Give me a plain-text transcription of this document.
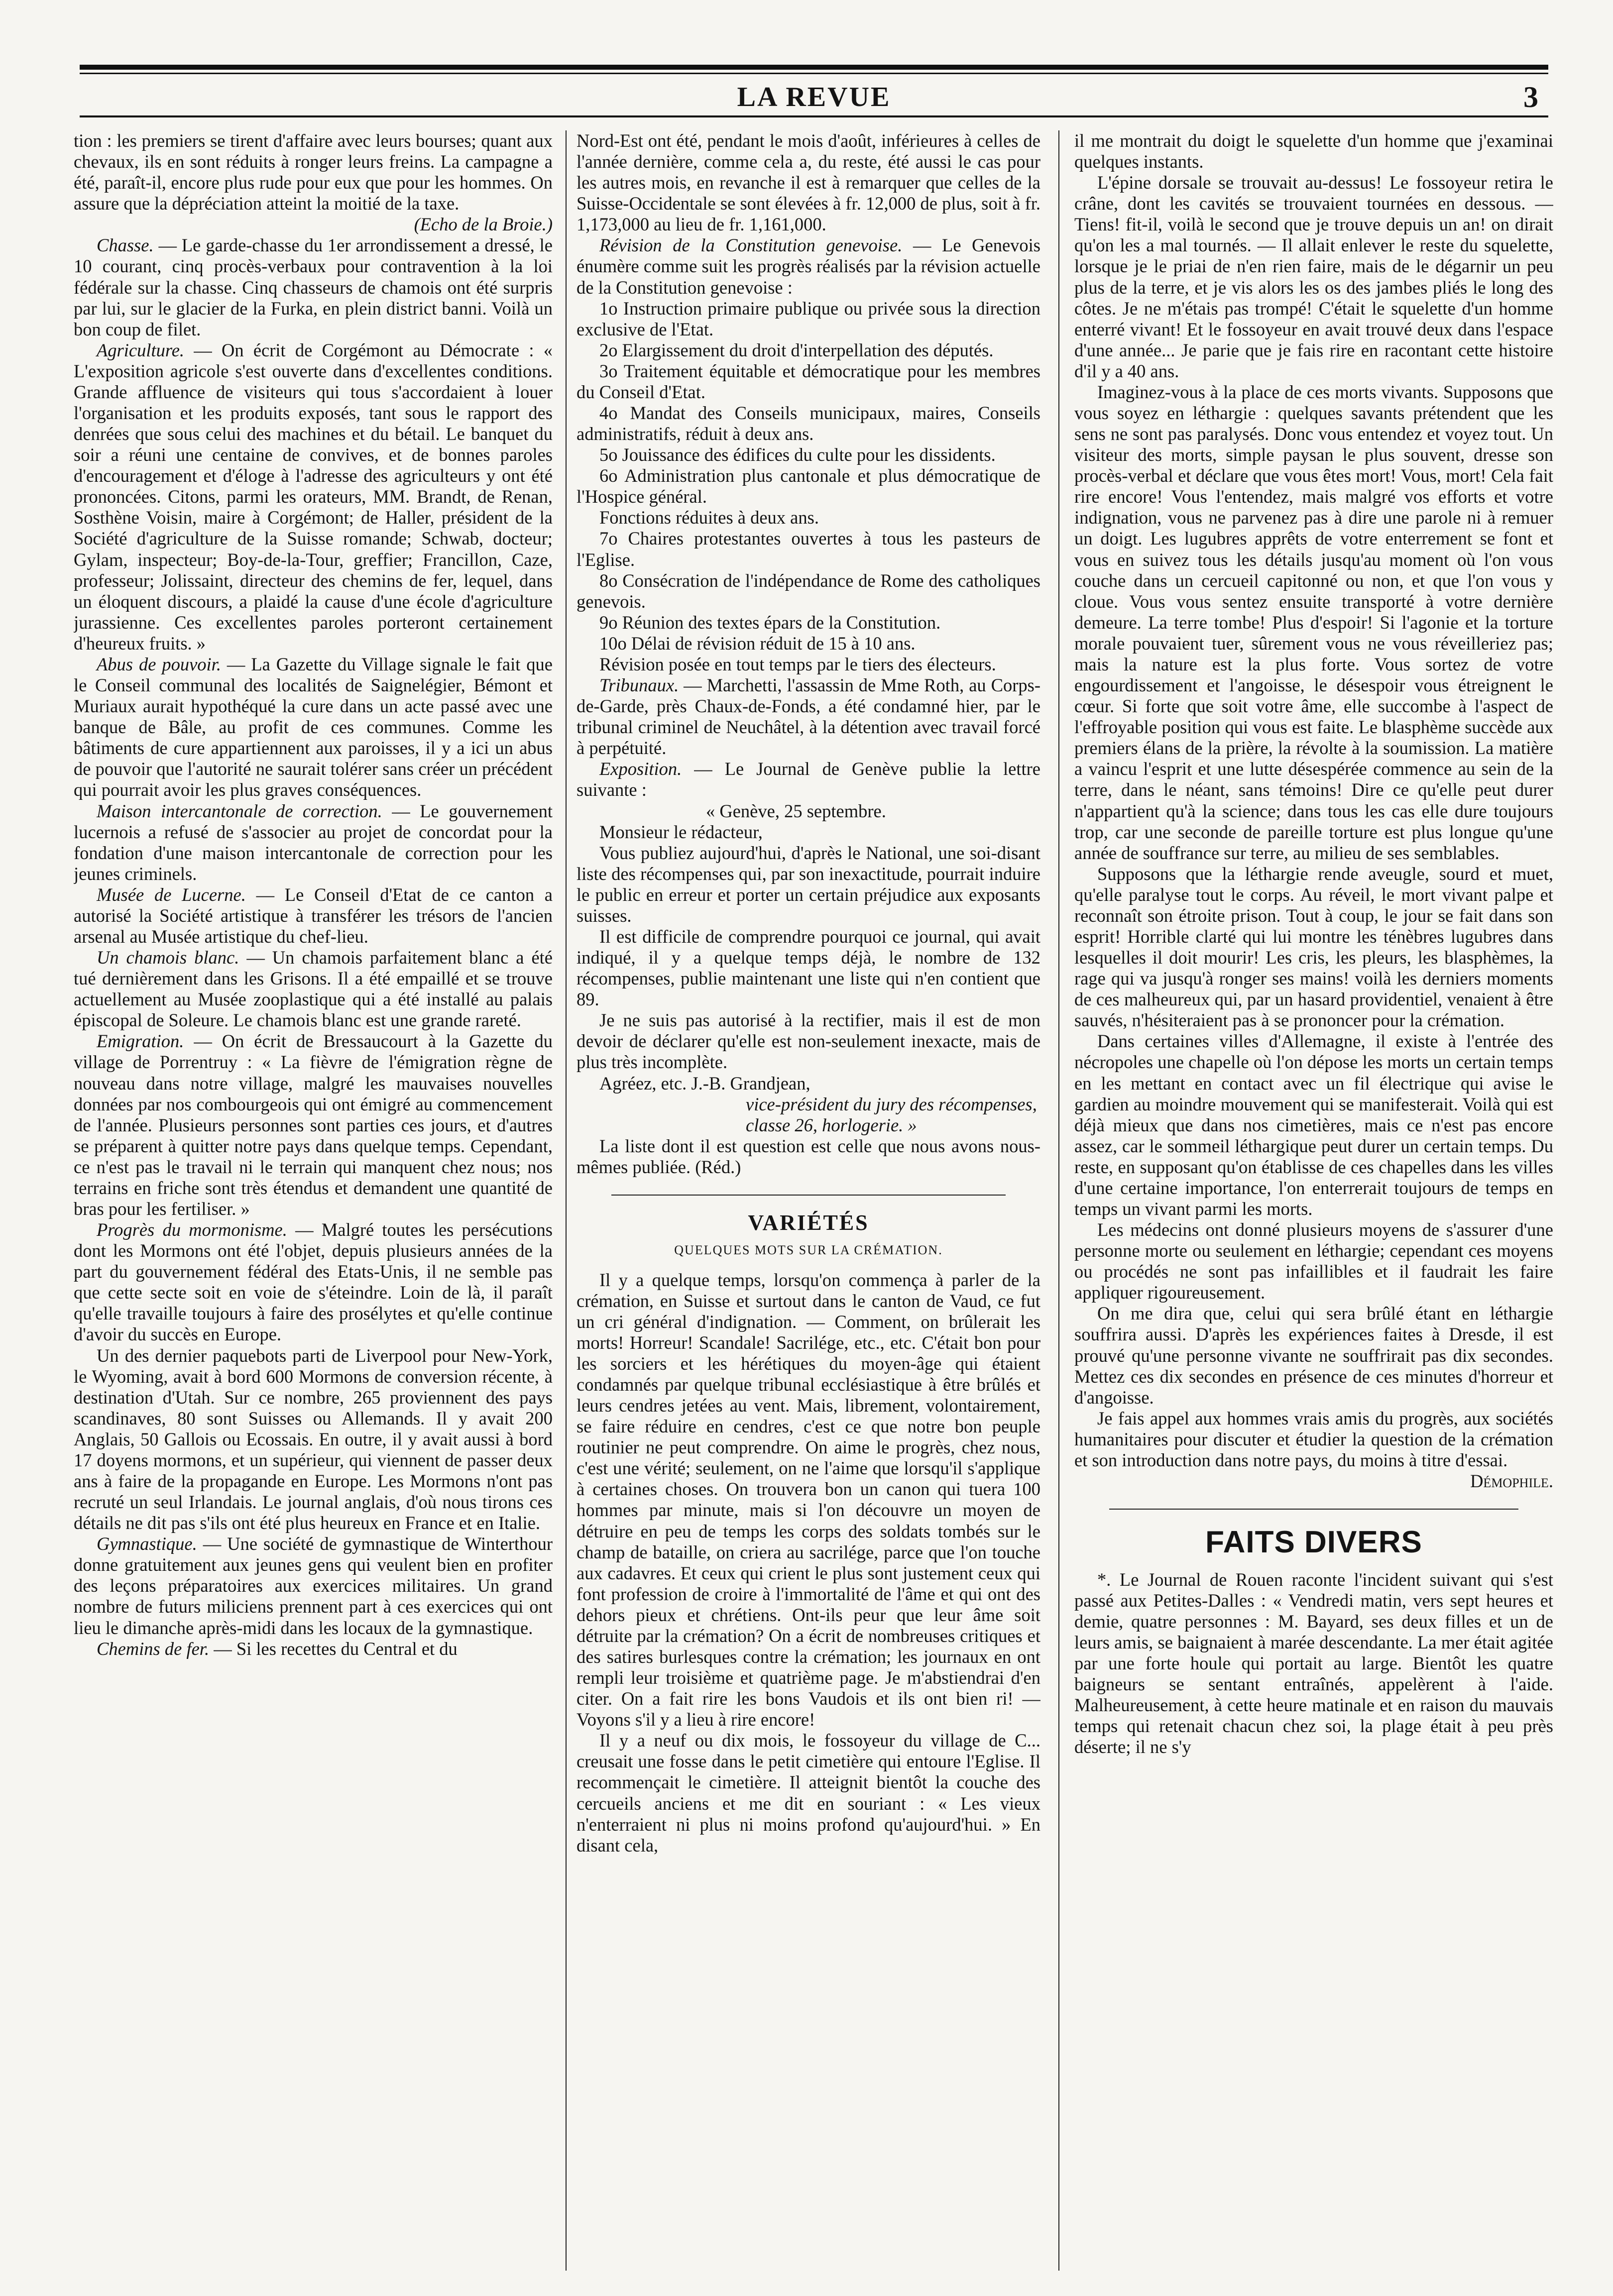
LA REVUE	3

tion : les premiers se tirent d'affaire avec leurs bourses; quant aux chevaux, ils en sont réduits à ronger leurs freins. La campagne a été, paraît-il, encore plus rude pour eux que pour les hommes. On assure que la dépréciation atteint la moitié de la taxe.

(Echo de la Broie.)

Chasse. — Le garde-chasse du 1er arrondissement a dressé, le 10 courant, cinq procès-verbaux pour contravention à la loi fédérale sur la chasse. Cinq chasseurs de chamois ont été surpris par lui, sur le glacier de la Furka, en plein district banni. Voilà un bon coup de filet.

Agriculture. — On écrit de Corgémont au Démocrate : « L'exposition agricole s'est ouverte dans d'excellentes conditions. Grande affluence de visiteurs qui tous s'accordaient à louer l'organisation et les produits exposés, tant sous le rapport des denrées que sous celui des machines et du bétail. Le banquet du soir a réuni une centaine de convives, et de bonnes paroles d'encouragement et d'éloge à l'adresse des agriculteurs y ont été prononcées. Citons, parmi les orateurs, MM. Brandt, de Renan, Sosthène Voisin, maire à Corgémont; de Haller, président de la Société d'agriculture de la Suisse romande; Schwab, docteur; Gylam, inspecteur; Boy-de-la-Tour, greffier; Francillon, Caze, professeur; Jolissaint, directeur des chemins de fer, lequel, dans un éloquent discours, a plaidé la cause d'une école d'agriculture jurassienne. Ces excellentes paroles porteront certainement d'heureux fruits. »

Abus de pouvoir. — La Gazette du Village signale le fait que le Conseil communal des localités de Saignelégier, Bémont et Muriaux aurait hypothéqué la cure dans un acte passé avec une banque de Bâle, au profit de ces communes. Comme les bâtiments de cure appartiennent aux paroisses, il y a ici un abus de pouvoir que l'autorité ne saurait tolérer sans créer un précédent qui pourrait avoir les plus graves conséquences.

Maison intercantonale de correction. — Le gouvernement lucernois a refusé de s'associer au projet de concordat pour la fondation d'une maison intercantonale de correction pour les jeunes criminels.

Musée de Lucerne. — Le Conseil d'Etat de ce canton a autorisé la Société artistique à transférer les trésors de l'ancien arsenal au Musée artistique du chef-lieu.

Un chamois blanc. — Un chamois parfaitement blanc a été tué dernièrement dans les Grisons. Il a été empaillé et se trouve actuellement au Musée zooplastique qui a été installé au palais épiscopal de Soleure. Le chamois blanc est une grande rareté.

Emigration. — On écrit de Bressaucourt à la Gazette du village de Porrentruy : « La fièvre de l'émigration règne de nouveau dans notre village, malgré les mauvaises nouvelles données par nos combourgeois qui ont émigré au commencement de l'année. Plusieurs personnes sont parties ces jours, et d'autres se préparent à quitter notre pays dans quelque temps. Cependant, ce n'est pas le travail ni le terrain qui manquent chez nous; nos terrains en friche sont très étendus et demandent une quantité de bras pour les fertiliser. »

Progrès du mormonisme. — Malgré toutes les persécutions dont les Mormons ont été l'objet, depuis plusieurs années de la part du gouvernement fédéral des Etats-Unis, il ne semble pas que cette secte soit en voie de s'éteindre. Loin de là, il paraît qu'elle travaille toujours à faire des prosélytes et qu'elle continue d'avoir du succès en Europe.

Un des dernier paquebots parti de Liverpool pour New-York, le Wyoming, avait à bord 600 Mormons de conversion récente, à destination d'Utah. Sur ce nombre, 265 proviennent des pays scandinaves, 80 sont Suisses ou Allemands. Il y avait 200 Anglais, 50 Gallois ou Ecossais. En outre, il y avait aussi à bord 17 doyens mormons, et un supérieur, qui viennent de passer deux ans à faire de la propagande en Europe. Les Mormons n'ont pas recruté un seul Irlandais. Le journal anglais, d'où nous tirons ces détails ne dit pas s'ils ont été plus heureux en France et en Italie.

Gymnastique. — Une société de gymnastique de Winterthour donne gratuitement aux jeunes gens qui veulent bien en profiter des leçons préparatoires aux exercices militaires. Un grand nombre de futurs miliciens prennent part à ces exercices qui ont lieu le dimanche après-midi dans les locaux de la gymnastique.

Chemins de fer. — Si les recettes du Central et du

Nord-Est ont été, pendant le mois d'août, inférieures à celles de l'année dernière, comme cela a, du reste, été aussi le cas pour les autres mois, en revanche il est à remarquer que celles de la Suisse-Occidentale se sont élevées à fr. 12,000 de plus, soit à fr. 1,173,000 au lieu de fr. 1,161,000.

Révision de la Constitution genevoise. — Le Genevois énumère comme suit les progrès réalisés par la révision actuelle de la Constitution genevoise :

1o Instruction primaire publique ou privée sous la direction exclusive de l'Etat.

2o Elargissement du droit d'interpellation des députés.

3o Traitement équitable et démocratique pour les membres du Conseil d'Etat.

4o Mandat des Conseils municipaux, maires, Conseils administratifs, réduit à deux ans.

5o Jouissance des édifices du culte pour les dissidents.

6o Administration plus cantonale et plus démocratique de l'Hospice général.

Fonctions réduites à deux ans.

7o Chaires protestantes ouvertes à tous les pasteurs de l'Eglise.

8o Consécration de l'indépendance de Rome des catholiques genevois.

9o Réunion des textes épars de la Constitution.

10o Délai de révision réduit de 15 à 10 ans.

Révision posée en tout temps par le tiers des électeurs.

Tribunaux. — Marchetti, l'assassin de Mme Roth, au Corps-de-Garde, près Chaux-de-Fonds, a été condamné hier, par le tribunal criminel de Neuchâtel, à la détention avec travail forcé à perpétuité.

Exposition. — Le Journal de Genève publie la lettre suivante :

« Genève, 25 septembre.

Monsieur le rédacteur,

Vous publiez aujourd'hui, d'après le National, une soi-disant liste des récompenses qui, par son inexactitude, pourrait induire le public en erreur et porter un certain préjudice aux exposants suisses.

Il est difficile de comprendre pourquoi ce journal, qui avait indiqué, il y a quelque temps déjà, le nombre de 132 récompenses, publie maintenant une liste qui n'en contient que 89.

Je ne suis pas autorisé à la rectifier, mais il est de mon devoir de déclarer qu'elle est non-seulement inexacte, mais de plus très incomplète.

Agréez, etc. J.-B. Grandjean,

vice-président du jury des récompenses,

classe 26, horlogerie. »

La liste dont il est question est celle que nous avons nous-mêmes publiée. (Réd.)

VARIÉTÉS
QUELQUES MOTS SUR LA CRÉMATION.

Il y a quelque temps, lorsqu'on commença à parler de la crémation, en Suisse et surtout dans le canton de Vaud, ce fut un cri général d'indignation. — Comment, on brûlerait les morts! Horreur! Scandale! Sacrilége, etc., etc. C'était bon pour les sorciers et les hérétiques du moyen-âge qui étaient condamnés par quelque tribunal ecclésiastique à être brûlés et leurs cendres jetées au vent. Mais, librement, volontairement, se faire réduire en cendres, c'est ce que notre bon peuple routinier ne peut comprendre. On aime le progrès, chez nous, c'est une vérité; seulement, on ne l'aime que lorsqu'il s'applique à certaines choses. On trouvera bon un canon qui tuera 100 hommes par minute, mais si l'on découvre un moyen de détruire en peu de temps les corps des soldats tombés sur le champ de bataille, on criera au sacrilége, parce que l'on touche aux cadavres. Et ceux qui crient le plus sont justement ceux qui font profession de croire à l'immortalité de l'âme et qui ont des dehors pieux et chrétiens. Ont-ils peur que leur âme soit détruite par la crémation? On a écrit de nombreuses critiques et des satires burlesques contre la crémation; les journaux en ont rempli leur troisième et quatrième page. Je m'abstiendrai d'en citer. On a fait rire les bons Vaudois et ils ont bien ri! — Voyons s'il y a lieu à rire encore!

Il y a neuf ou dix mois, le fossoyeur du village de C... creusait une fosse dans le petit cimetière qui entoure l'Eglise. Il recommençait le cimetière. Il atteignit bientôt la couche des cercueils anciens et me dit en souriant : « Les vieux n'enterraient ni plus ni moins profond qu'aujourd'hui. » En disant cela,

il me montrait du doigt le squelette d'un homme que j'examinai quelques instants.

L'épine dorsale se trouvait au-dessus! Le fossoyeur retira le crâne, dont les cavités se trouvaient tournées en dessous. — Tiens! fit-il, voilà le second que je trouve depuis un an! on dirait qu'on les a mal tournés. — Il allait enlever le reste du squelette, lorsque je le priai de n'en rien faire, mais de le dégarnir un peu plus de la terre, et je vis alors les os des jambes pliés le long des côtes. Je ne m'étais pas trompé! C'était le squelette d'un homme enterré vivant! Et le fossoyeur en avait trouvé deux dans l'espace d'une année... Je parie que je fais rire en racontant cette histoire d'il y a 40 ans.

Imaginez-vous à la place de ces morts vivants. Supposons que vous soyez en léthargie : quelques savants prétendent que les sens ne sont pas paralysés. Donc vous entendez et voyez tout. Un visiteur des morts, simple paysan le plus souvent, dresse son procès-verbal et déclare que vous êtes mort! Vous, mort! Cela fait rire encore! Vous l'entendez, mais malgré vos efforts et votre indignation, vous ne parvenez pas à dire une parole ni à remuer un doigt. Les lugubres apprêts de votre enterrement se font et vous en suivez tous les détails jusqu'au moment où l'on vous couche dans un cercueil capitonné ou non, et que l'on vous y cloue. Vous vous sentez ensuite transporté à votre dernière demeure. La terre tombe! Plus d'espoir! Si l'agonie et la torture morale pouvaient tuer, sûrement vous ne vous réveilleriez pas; mais la nature est la plus forte. Vous sortez de votre engourdissement et l'angoisse, le désespoir vous étreignent le cœur. Si forte que soit votre âme, elle succombe à l'aspect de l'effroyable position qui vous est faite. Le blasphème succède aux premiers élans de la prière, la révolte à la soumission. La matière a vaincu l'esprit et une lutte désespérée commence au sein de la terre, dans le néant, sans témoins! Dire ce qu'elle peut durer n'appartient qu'à la science; dans tous les cas elle dure toujours trop, car une seconde de pareille torture est plus longue qu'une année de souffrance sur terre, au milieu de ses semblables.

Supposons que la léthargie rende aveugle, sourd et muet, qu'elle paralyse tout le corps. Au réveil, le mort vivant palpe et reconnaît son étroite prison. Tout à coup, le jour se fait dans son esprit! Horrible clarté qui lui montre les ténèbres lugubres dans lesquelles il doit mourir! Les cris, les pleurs, les blasphèmes, la rage qui va jusqu'à ronger ses mains! voilà les derniers moments de ces malheureux qui, par un hasard providentiel, venaient à être sauvés, n'hésiteraient pas à se prononcer pour la crémation.

Dans certaines villes d'Allemagne, il existe à l'entrée des nécropoles une chapelle où l'on dépose les morts un certain temps en les mettant en contact avec un fil électrique qui avise le gardien au moindre mouvement qui se manifesterait. Voilà qui est déjà mieux que dans nos cimetières, mais ce n'est pas encore assez, car le sommeil léthargique peut durer un certain temps. Du reste, en supposant qu'on établisse de ces chapelles dans les villes d'une certaine importance, l'on enterrerait toujours de temps en temps un vivant parmi les morts.

Les médecins ont donné plusieurs moyens de s'assurer d'une personne morte ou seulement en léthargie; cependant ces moyens ou procédés ne sont pas infaillibles et il faudrait les faire appliquer rigoureusement.

On me dira que, celui qui sera brûlé étant en léthargie souffrira aussi. D'après les expériences faites à Dresde, il est prouvé qu'une personne vivante ne souffrirait pas dix secondes. Mettez ces dix secondes en présence de ces minutes d'horreur et d'angoisse.

Je fais appel aux hommes vrais amis du progrès, aux sociétés humanitaires pour discuter et étudier la question de la crémation et son introduction dans notre pays, du moins à titre d'essai.

Démophile.

FAITS DIVERS

*. Le Journal de Rouen raconte l'incident suivant qui s'est passé aux Petites-Dalles : « Vendredi matin, vers sept heures et demie, quatre personnes : M. Bayard, ses deux filles et un de leurs amis, se baignaient à marée descendante. La mer était agitée par une forte houle qui portait au large. Bientôt les quatre baigneurs se sentant entraînés, appelèrent à l'aide. Malheureusement, à cette heure matinale et en raison du mauvais temps qui retenait chacun chez soi, la plage était à peu près déserte; il ne s'y
